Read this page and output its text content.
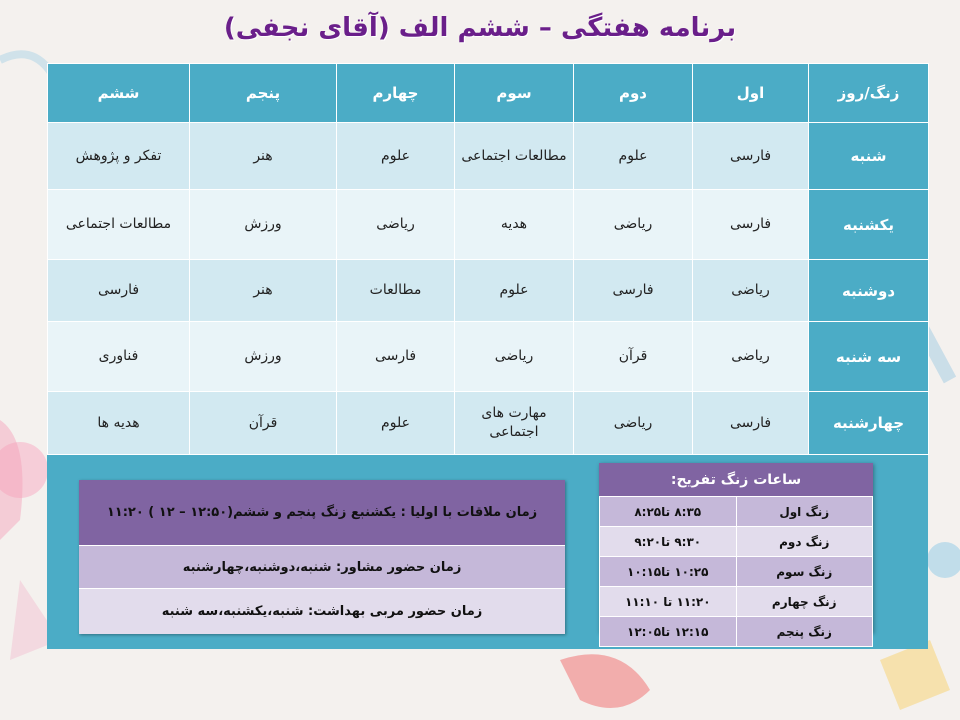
برنامه هفتگی – ششم الف (آقای نجفی)
زنگ/روز	اول	دوم	سوم	چهارم	پنجم	ششم
شنبه	فارسی	علوم	مطالعات اجتماعی	علوم	هنر	تفکر و پژوهش
یکشنبه	فارسی	ریاضی	هدیه	ریاضی	ورزش	مطالعات اجتماعی
دوشنبه	ریاضی	فارسی	علوم	مطالعات	هنر	فارسی
سه شنبه	ریاضی	قرآن	ریاضی	فارسی	ورزش	فناوری
چهارشنبه	فارسی	ریاضی	مهارت های اجتماعی	علوم	قرآن	هدیه ها
زمان ملاقات با اولیا : یکشنبع زنگ پنجم و ششم(۱۲:۵۰ – ۱۲ ) ۱۱:۲۰
زمان حضور مشاور: شنبه،دوشنبه،چهارشنبه
زمان حضور مربی بهداشت: شنبه،یکشنبه،سه شنبه
ساعات زنگ تفریح:
زنگ اول	۸:۳۵ تا۸:۲۵
زنگ دوم	۹:۳۰ تا۹:۲۰
زنگ سوم	۱۰:۲۵ تا۱۰:۱۵
زنگ چهارم	۱۱:۲۰ تا ۱۱:۱۰
زنگ پنجم	۱۲:۱۵ تا۱۲:۰۵
